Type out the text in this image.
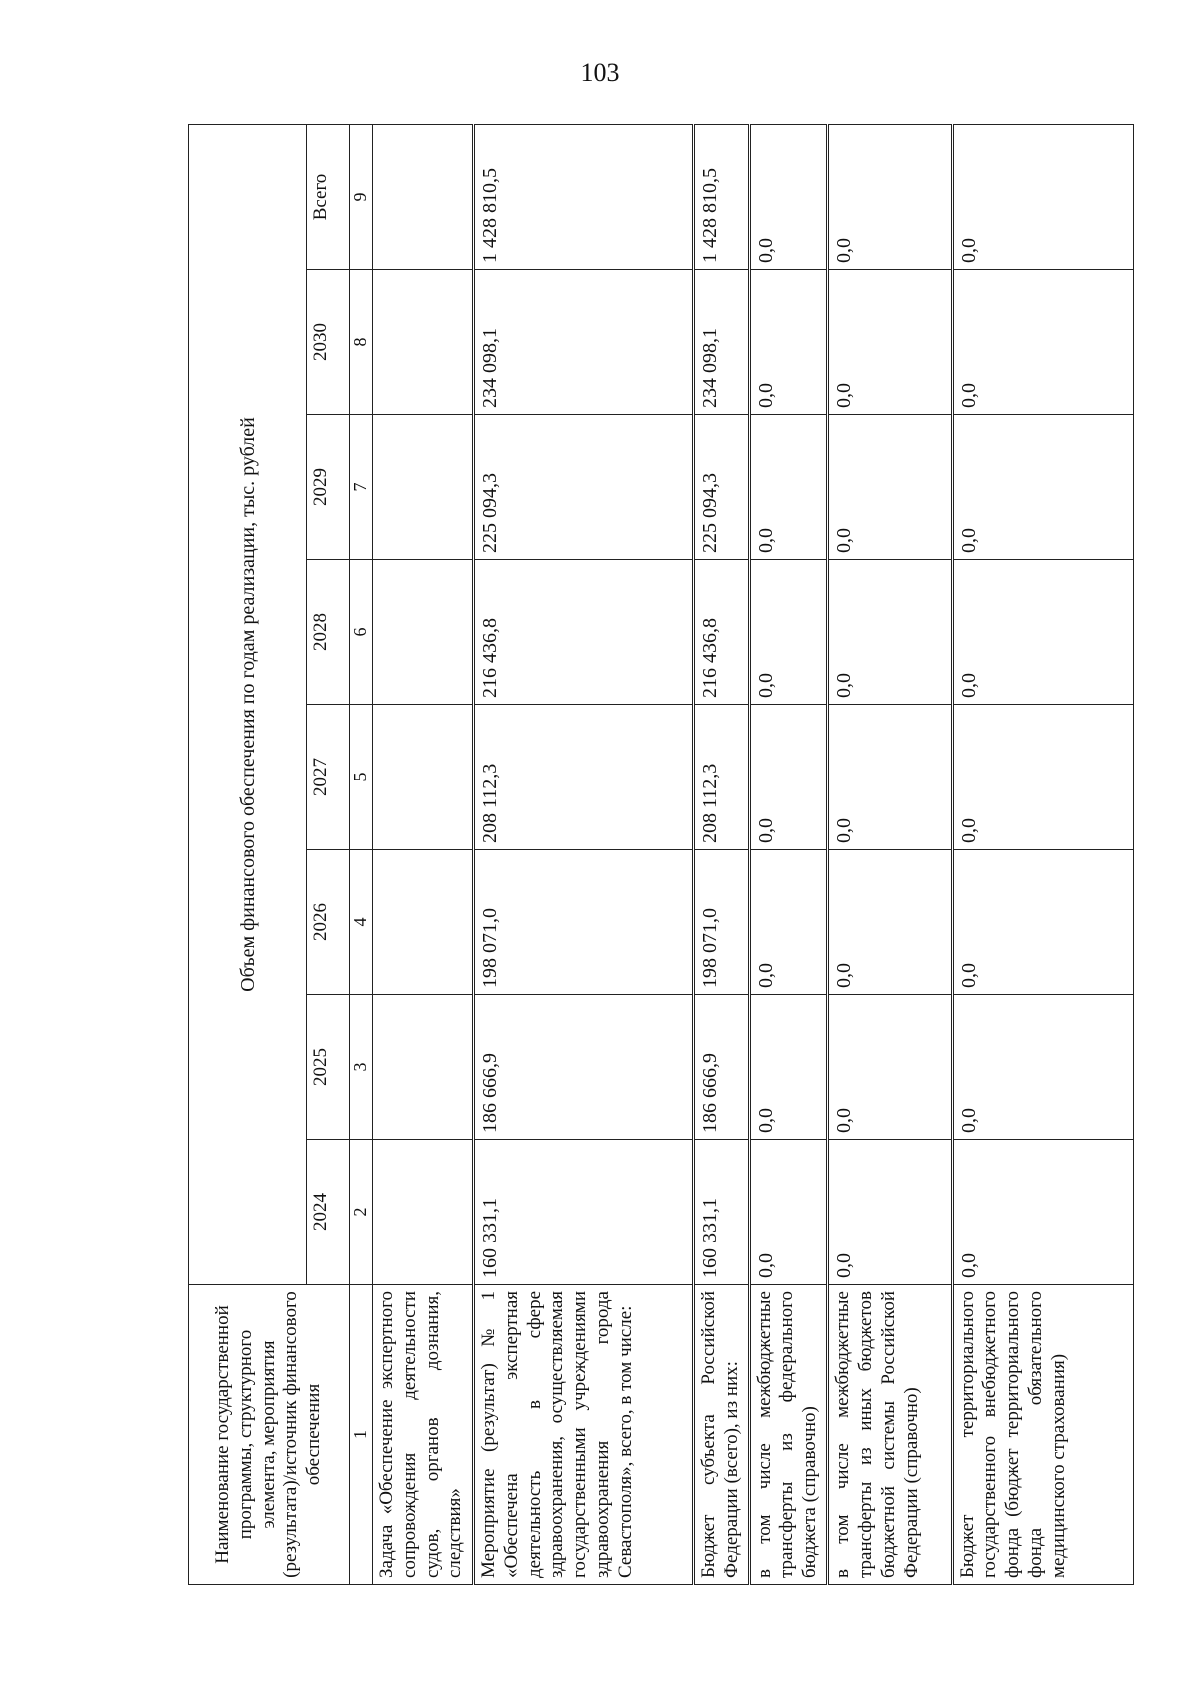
103
Наименование государственной программы, структурного элемента, мероприятия (результата)/источник финансового обеспечения	Объем финансового обеспечения по годам реализации, тыс. рублей							
	2024	2025	2026	2027	2028	2029	2030	Всего
1	2	3	4	5	6	7	8	9
Задача «Обеспечение экспертного сопровождения деятельности судов, органов дознания, следствия»								
Мероприятие (результат) № 1 «Обеспечена экспертная деятельность в сфере здравоохранения, осуществляемая государственными учреждениями здравоохранения города Севастополя», всего, в том числе:	160 331,1	186 666,9	198 071,0	208 112,3	216 436,8	225 094,3	234 098,1	1 428 810,5
Бюджет субъекта Российской Федерации (всего), из них:	160 331,1	186 666,9	198 071,0	208 112,3	216 436,8	225 094,3	234 098,1	1 428 810,5
в том числе межбюджетные трансферты из федерального бюджета (справочно)	0,0	0,0	0,0	0,0	0,0	0,0	0,0	0,0
в том числе межбюджетные трансферты из иных бюджетов бюджетной системы Российской Федерации (справочно)	0,0	0,0	0,0	0,0	0,0	0,0	0,0	0,0
Бюджет территориального государственного внебюджетного фонда (бюджет территориального фонда обязательного медицинского страхования)	0,0	0,0	0,0	0,0	0,0	0,0	0,0	0,0
